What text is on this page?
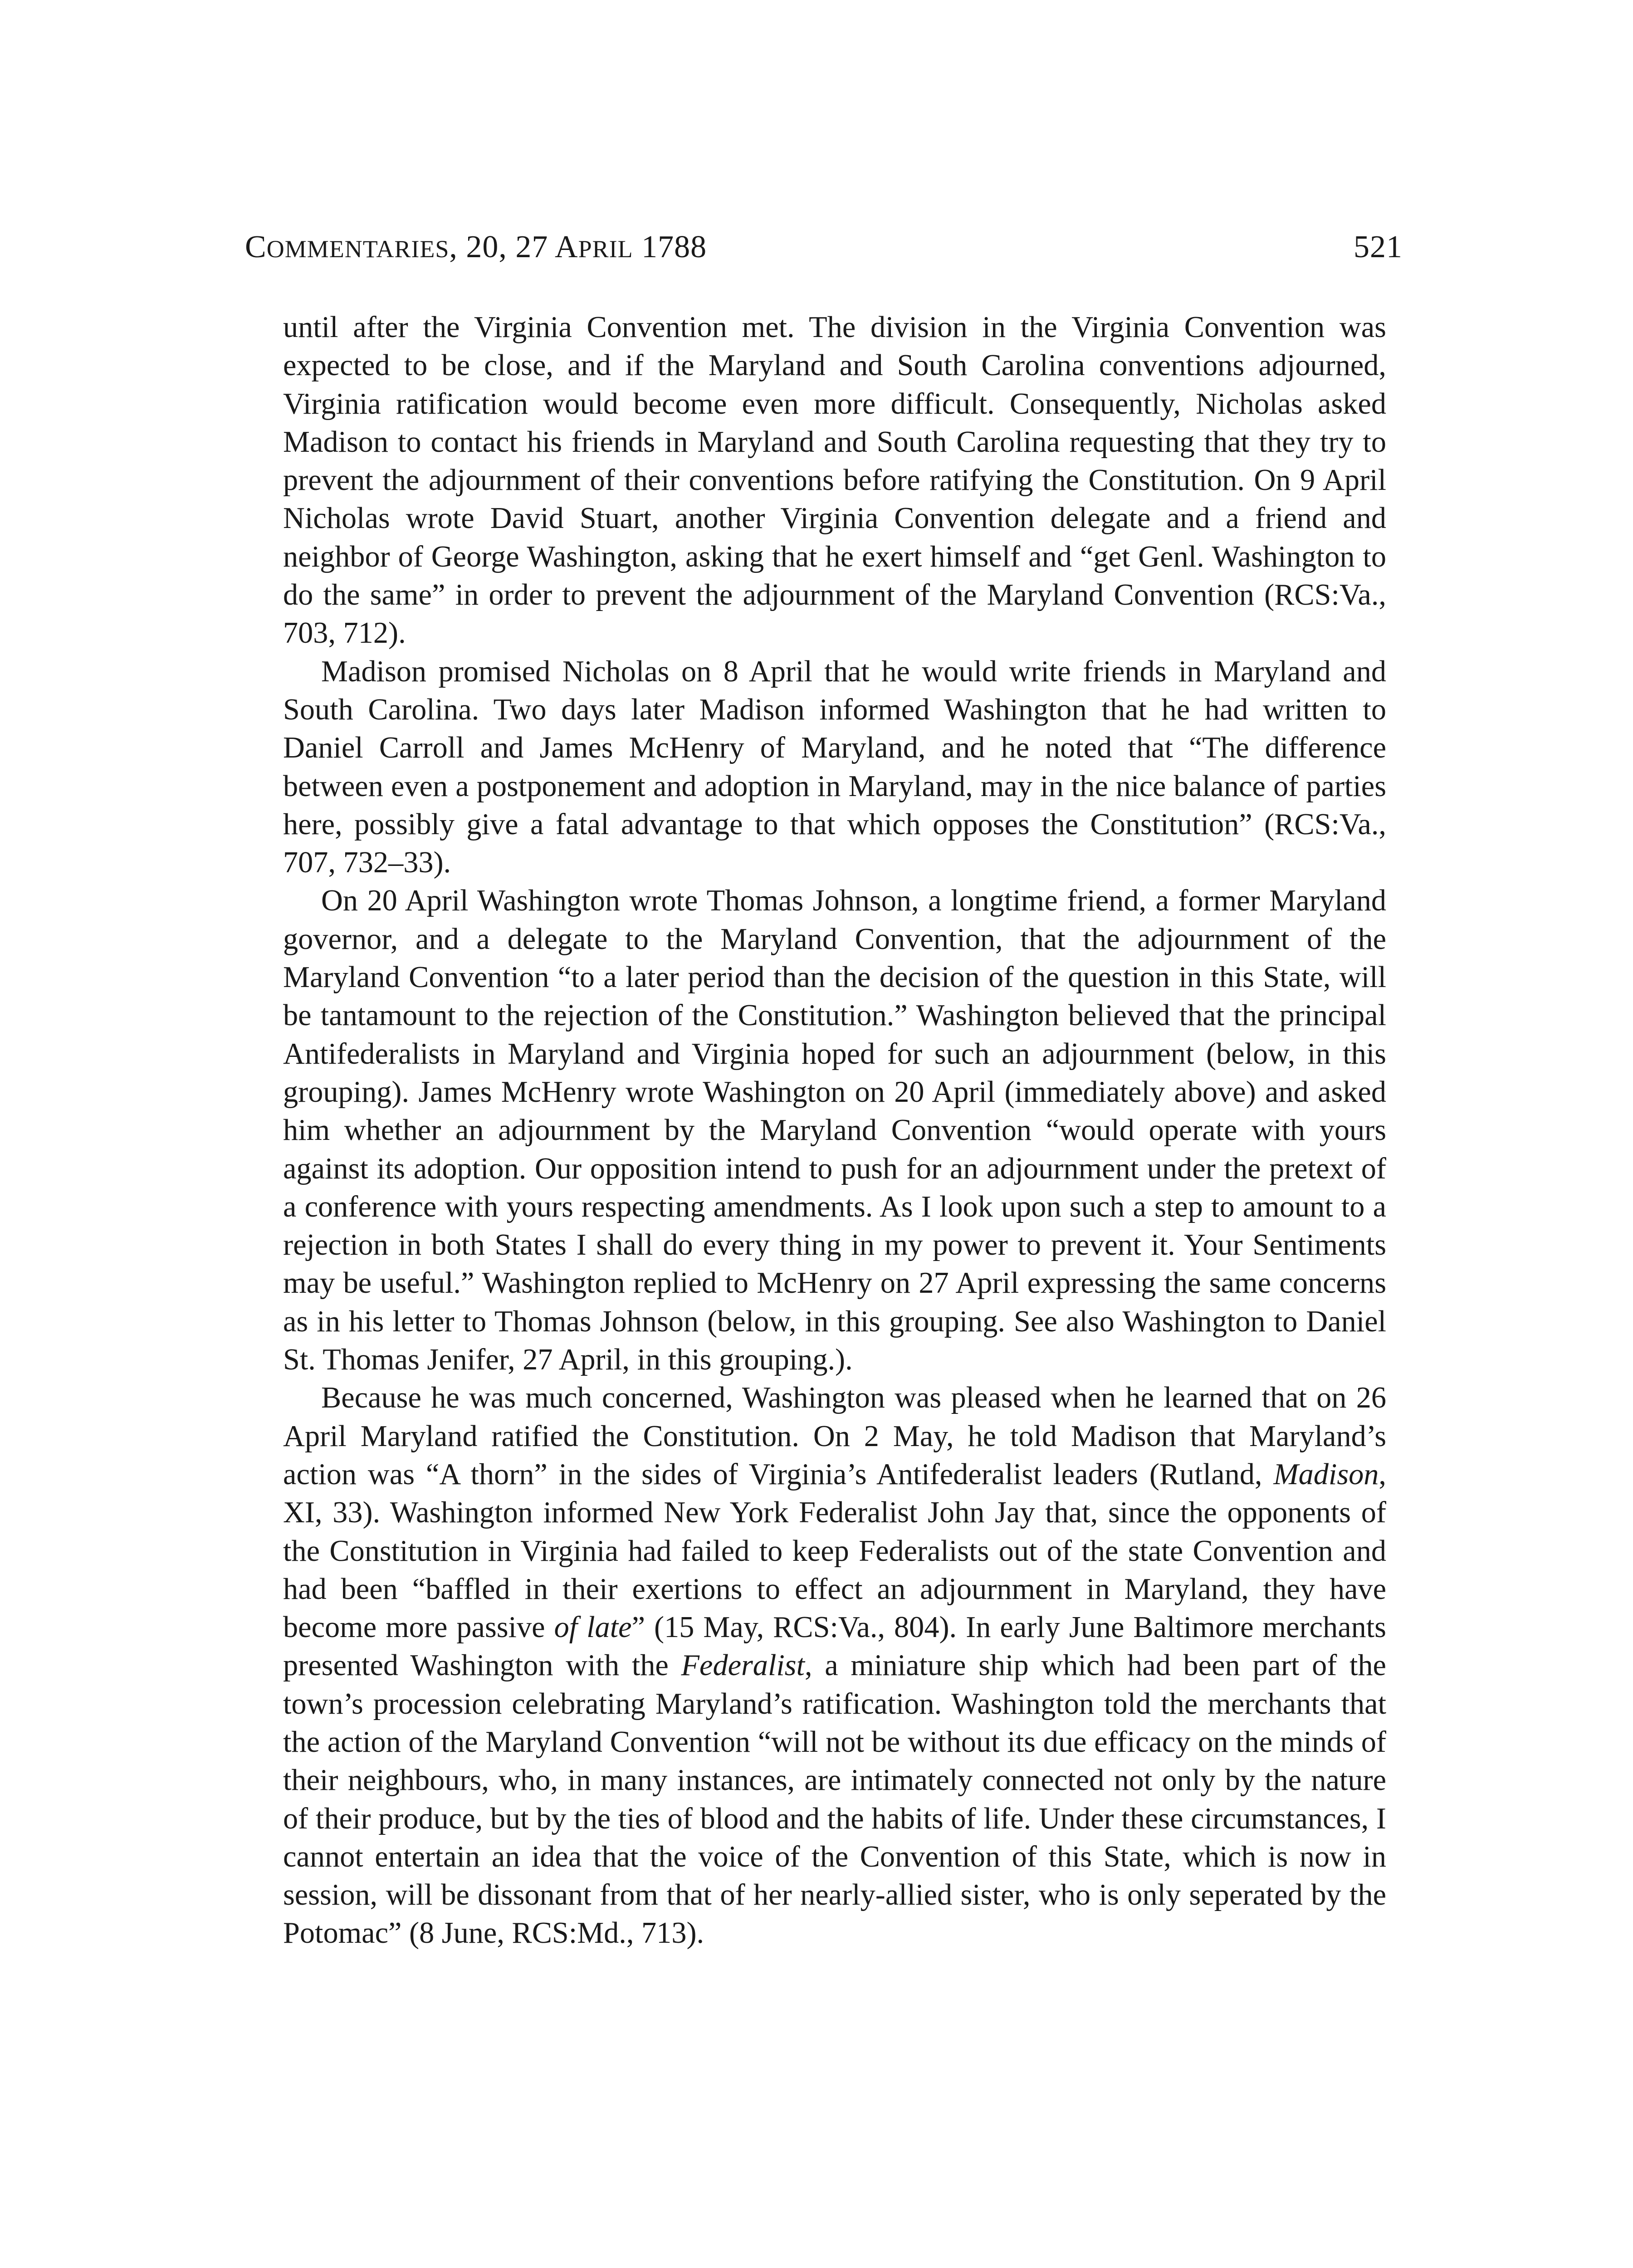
COMMENTARIES, 20, 27 APRIL 1788	521

until after the Virginia Convention met. The division in the Virginia Convention was expected to be close, and if the Maryland and South Carolina conventions adjourned, Virginia ratification would become even more difficult. Consequently, Nicholas asked Madison to contact his friends in Maryland and South Carolina requesting that they try to prevent the adjournment of their conventions before ratifying the Constitution. On 9 April Nicholas wrote David Stuart, another Virginia Convention delegate and a friend and neighbor of George Washington, asking that he exert himself and “get Genl. Washington to do the same” in order to prevent the adjournment of the Maryland Convention (RCS:Va., 703, 712).

Madison promised Nicholas on 8 April that he would write friends in Maryland and South Carolina. Two days later Madison informed Washington that he had written to Daniel Carroll and James McHenry of Maryland, and he noted that “The difference between even a postponement and adoption in Maryland, may in the nice balance of parties here, possibly give a fatal advantage to that which opposes the Constitution” (RCS:Va., 707, 732–33).

On 20 April Washington wrote Thomas Johnson, a longtime friend, a former Maryland governor, and a delegate to the Maryland Convention, that the adjournment of the Maryland Convention “to a later period than the decision of the question in this State, will be tantamount to the rejection of the Constitution.” Washington believed that the principal Antifederalists in Maryland and Virginia hoped for such an adjournment (below, in this grouping). James McHenry wrote Washington on 20 April (immediately above) and asked him whether an adjournment by the Maryland Convention “would operate with yours against its adoption. Our opposition intend to push for an adjournment under the pretext of a conference with yours respecting amendments. As I look upon such a step to amount to a rejection in both States I shall do every thing in my power to prevent it. Your Sentiments may be useful.” Washington replied to McHenry on 27 April expressing the same concerns as in his letter to Thomas Johnson (below, in this grouping. See also Washington to Daniel St. Thomas Jenifer, 27 April, in this grouping.).

Because he was much concerned, Washington was pleased when he learned that on 26 April Maryland ratified the Constitution. On 2 May, he told Madison that Maryland’s action was “A thorn” in the sides of Virginia’s Antifederalist leaders (Rutland, Madison, XI, 33). Washington informed New York Federalist John Jay that, since the opponents of the Constitution in Virginia had failed to keep Federalists out of the state Convention and had been “baffled in their exertions to effect an adjournment in Maryland, they have become more passive of late” (15 May, RCS:Va., 804). In early June Baltimore merchants presented Washington with the Federalist, a miniature ship which had been part of the town’s procession celebrating Maryland’s ratification. Washington told the merchants that the action of the Maryland Convention “will not be without its due efficacy on the minds of their neighbours, who, in many instances, are intimately connected not only by the nature of their produce, but by the ties of blood and the habits of life. Under these circumstances, I cannot entertain an idea that the voice of the Convention of this State, which is now in session, will be dissonant from that of her nearly-allied sister, who is only seperated by the Potomac” (8 June, RCS:Md., 713).
